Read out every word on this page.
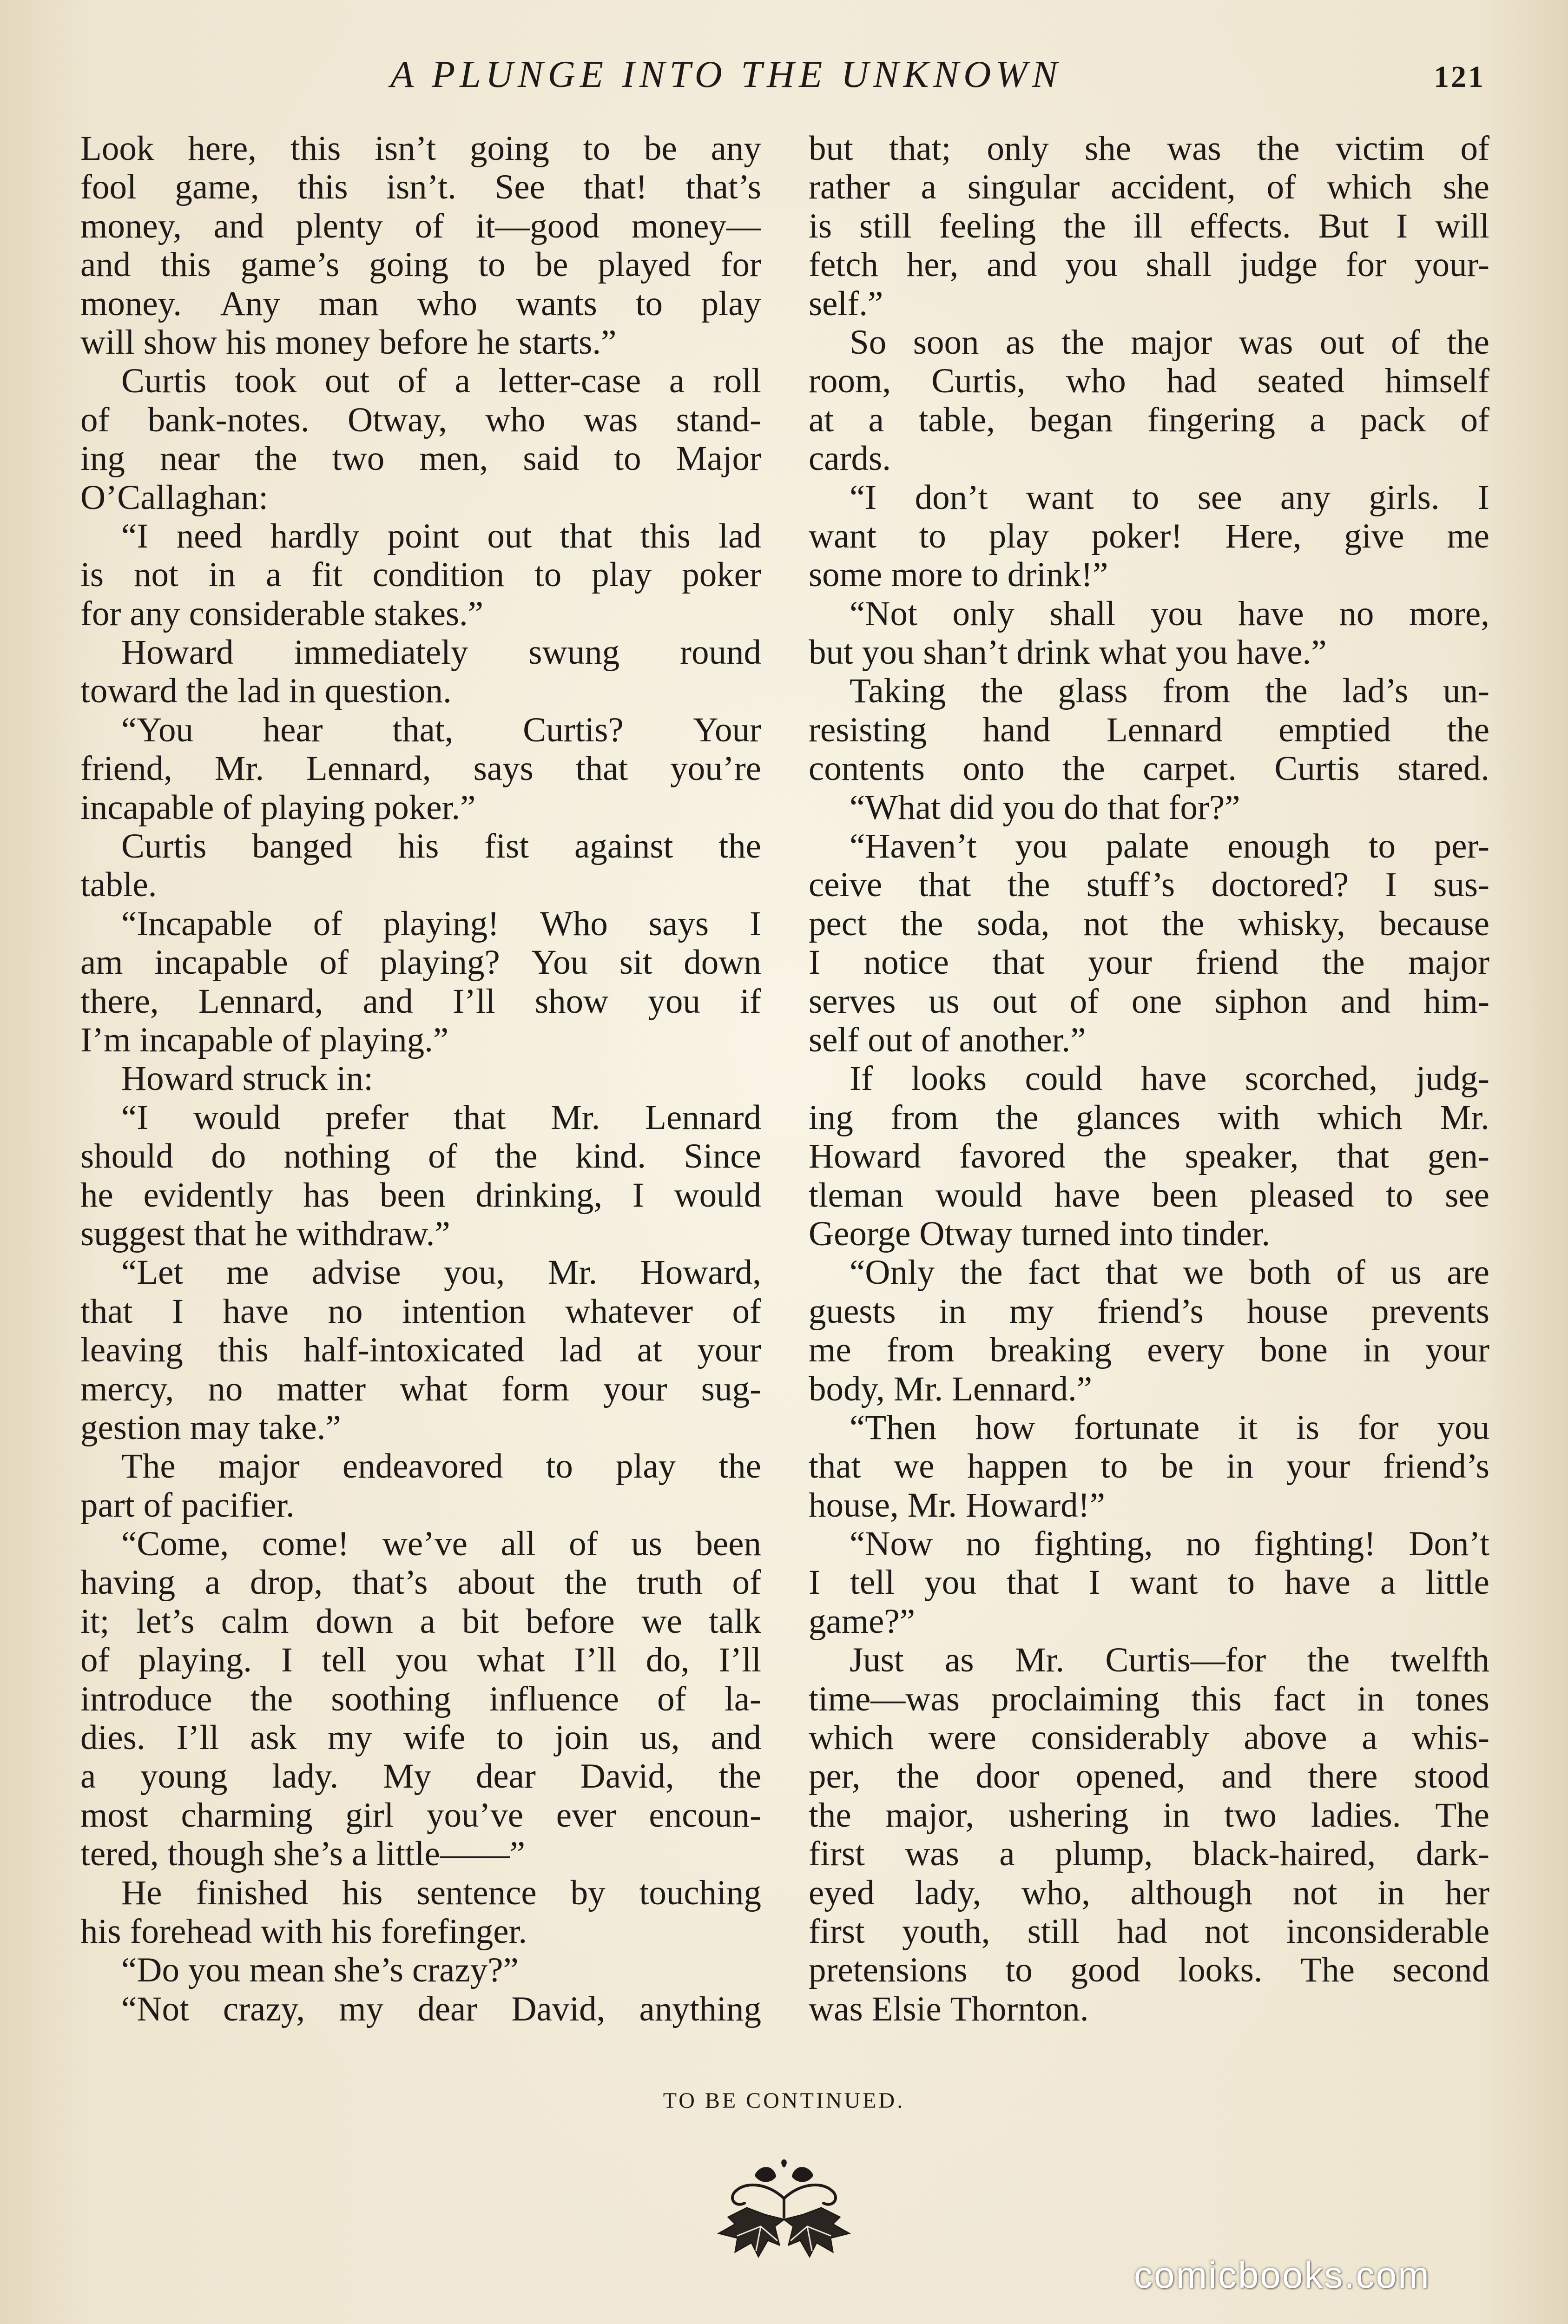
A PLUNGE INTO THE UNKNOWN	121
Look here, this isn’t going to be any
fool game, this isn’t. See that! that’s
money, and plenty of it—good money—
and this game’s going to be played for
money. Any man who wants to play
will show his money before he starts.”
Curtis took out of a letter-case a roll
of bank-notes. Otway, who was stand-
ing near the two men, said to Major
O’Callaghan:
“I need hardly point out that this lad
is not in a fit condition to play poker
for any considerable stakes.”
Howard immediately swung round
toward the lad in question.
“You hear that, Curtis? Your
friend, Mr. Lennard, says that you’re
incapable of playing poker.”
Curtis banged his fist against the
table.
“Incapable of playing! Who says I
am incapable of playing? You sit down
there, Lennard, and I’ll show you if
I’m incapable of playing.”
Howard struck in:
“I would prefer that Mr. Lennard
should do nothing of the kind. Since
he evidently has been drinking, I would
suggest that he withdraw.”
“Let me advise you, Mr. Howard,
that I have no intention whatever of
leaving this half-intoxicated lad at your
mercy, no matter what form your sug-
gestion may take.”
The major endeavored to play the
part of pacifier.
“Come, come! we’ve all of us been
having a drop, that’s about the truth of
it; let’s calm down a bit before we talk
of playing. I tell you what I’ll do, I’ll
introduce the soothing influence of la-
dies. I’ll ask my wife to join us, and
a young lady. My dear David, the
most charming girl you’ve ever encoun-
tered, though she’s a little——”
He finished his sentence by touching
his forehead with his forefinger.
“Do you mean she’s crazy?”
“Not crazy, my dear David, anything
but that; only she was the victim of
rather a singular accident, of which she
is still feeling the ill effects. But I will
fetch her, and you shall judge for your-
self.”
So soon as the major was out of the
room, Curtis, who had seated himself
at a table, began fingering a pack of
cards.
“I don’t want to see any girls. I
want to play poker! Here, give me
some more to drink!”
“Not only shall you have no more,
but you shan’t drink what you have.”
Taking the glass from the lad’s un-
resisting hand Lennard emptied the
contents onto the carpet. Curtis stared.
“What did you do that for?”
“Haven’t you palate enough to per-
ceive that the stuff’s doctored? I sus-
pect the soda, not the whisky, because
I notice that your friend the major
serves us out of one siphon and him-
self out of another.”
If looks could have scorched, judg-
ing from the glances with which Mr.
Howard favored the speaker, that gen-
tleman would have been pleased to see
George Otway turned into tinder.
“Only the fact that we both of us are
guests in my friend’s house prevents
me from breaking every bone in your
body, Mr. Lennard.”
“Then how fortunate it is for you
that we happen to be in your friend’s
house, Mr. Howard!”
“Now no fighting, no fighting! Don’t
I tell you that I want to have a little
game?”
Just as Mr. Curtis—for the twelfth
time—was proclaiming this fact in tones
which were considerably above a whis-
per, the door opened, and there stood
the major, ushering in two ladies. The
first was a plump, black-haired, dark-
eyed lady, who, although not in her
first youth, still had not inconsiderable
pretensions to good looks. The second
was Elsie Thornton.
TO BE CONTINUED.
comicbooks.com
